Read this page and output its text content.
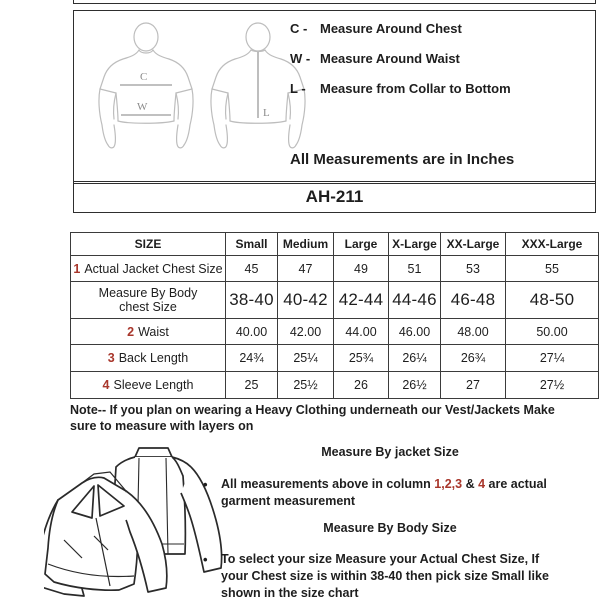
C
W	L
C - Measure Around Chest
W - Measure Around Waist
L -	Measure from Collar to Bottom
All Measurements are in Inches
AH-211
SIZE	Small	Medium	Large	X-Large	XX-Large	XXX-Large
1 Actual Jacket Chest Size	45	47	49	51	53	55
Measure By Body chest Size	38-40	40-42	42-44	44-46	46-48	48-50
2 Waist	40.00	42.00	44.00	46.00	48.00	50.00
3 Back Length	24¾	25¼	25¾	26¼	26¾	27¼
4 Sleeve Length	25	25½	26	26½	27	27½
Note-- If you plan on wearing a Heavy Clothing underneath our Vest/Jackets Make sure to measure with layers on
Measure By jacket Size
•	All measurements above in column 1,2,3 & 4 are actual garment measurement
Measure By Body Size
•	To select your size Measure your Actual Chest Size, If your Chest size is within 38-40 then pick size Small like shown in the size chart
